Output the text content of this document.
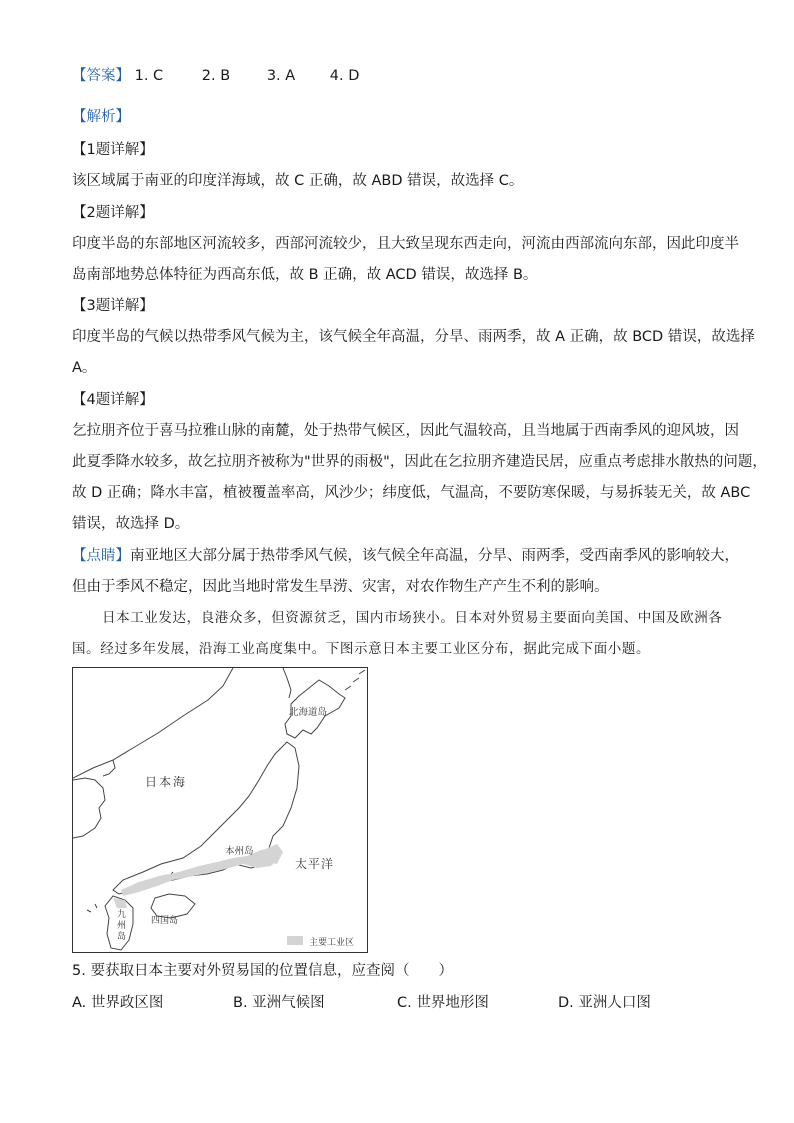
【答案】 1. C	2. B	3. A 4. D
【解析】
【1题详解】
该区域属于南亚的印度洋海域，故 C 正确，故 ABD 错误，故选择 C。
【2题详解】
印度半岛的东部地区河流较多，西部河流较少，且大致呈现东西走向，河流由西部流向东部，因此印度半
岛南部地势总体特征为西高东低，故 B 正确，故 ACD 错误，故选择 B。
【3题详解】
印度半岛的气候以热带季风气候为主，该气候全年高温，分旱、雨两季，故 A 正确，故 BCD 错误，故选择
A。
【4题详解】
乞拉朋齐位于喜马拉雅山脉的南麓，处于热带气候区，因此气温较高，且当地属于西南季风的迎风坡，因
此夏季降水较多，故乞拉朋齐被称为"世界的雨极"，因此在乞拉朋齐建造民居，应重点考虑排水散热的问题，
故 D 正确；降水丰富，植被覆盖率高，风沙少；纬度低，气温高，不要防寒保暖，与易拆装无关，故 ABC
错误，故选择 D。
【点睛】南亚地区大部分属于热带季风气候，该气候全年高温，分旱、雨两季，受西南季风的影响较大，
但由于季风不稳定，因此当地时常发生旱涝、灾害，对农作物生产产生不利的影响。
日本工业发达，良港众多，但资源贫乏，国内市场狭小。日本对外贸易主要面向美国、中国及欧洲各
国。经过多年发展，沿海工业高度集中。下图示意日本主要工业区分布，据此完成下面小题。
主要工业区
北海道岛
日本海
本州岛
太平洋
四国岛
九
州
岛
5. 要获取日本主要对外贸易国的位置信息，应查阅（　　）
A. 世界政区图	B. 亚洲气候图	C. 世界地形图	D. 亚洲人口图
